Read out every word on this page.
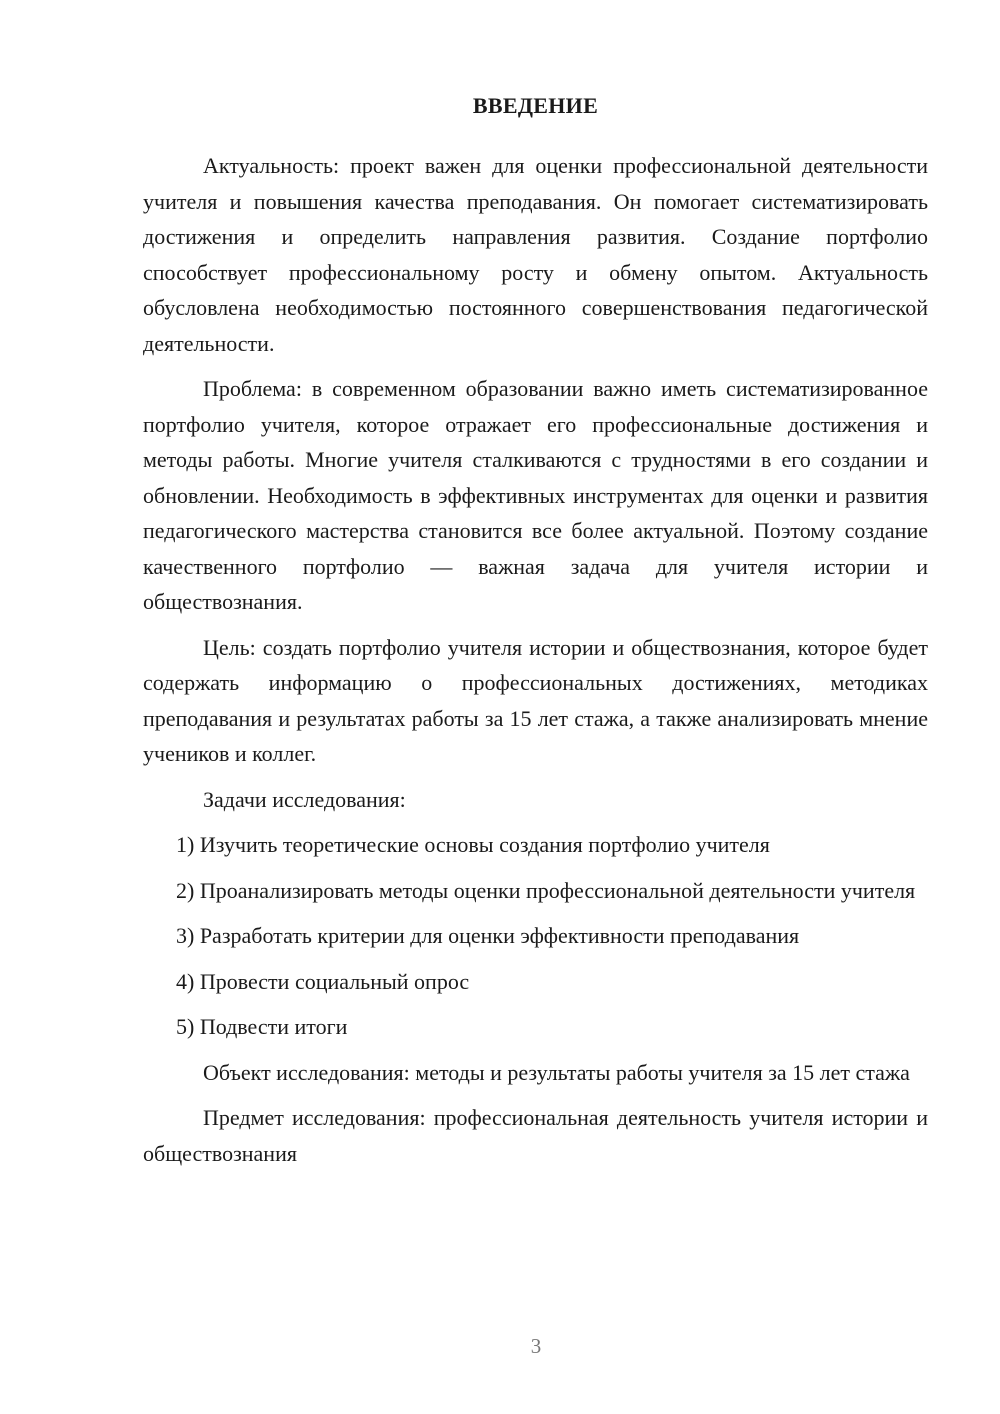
ВВЕДЕНИЕ

Актуальность: проект важен для оценки профессиональной деятельности учителя и повышения качества преподавания. Он помогает систематизировать достижения и определить направления развития. Создание портфолио способствует профессиональному росту и обмену опытом. Актуальность обусловлена необходимостью постоянного совершенствования педагогической деятельности.

Проблема: в современном образовании важно иметь систематизированное портфолио учителя, которое отражает его профессиональные достижения и методы работы. Многие учителя сталкиваются с трудностями в его создании и обновлении. Необходимость в эффективных инструментах для оценки и развития педагогического мастерства становится все более актуальной. Поэтому создание качественного портфолио — важная задача для учителя истории и обществознания.

Цель: создать портфолио учителя истории и обществознания, которое будет содержать информацию о профессиональных достижениях, методиках преподавания и результатах работы за 15 лет стажа, а также анализировать мнение учеников и коллег.

Задачи исследования:

1) Изучить теоретические основы создания портфолио учителя

2) Проанализировать методы оценки профессиональной деятельности учителя

3) Разработать критерии для оценки эффективности преподавания

4) Провести социальный опрос

5) Подвести итоги

Объект исследования: методы и результаты работы учителя за 15 лет стажа

Предмет исследования: профессиональная деятельность учителя истории и обществознания

3
